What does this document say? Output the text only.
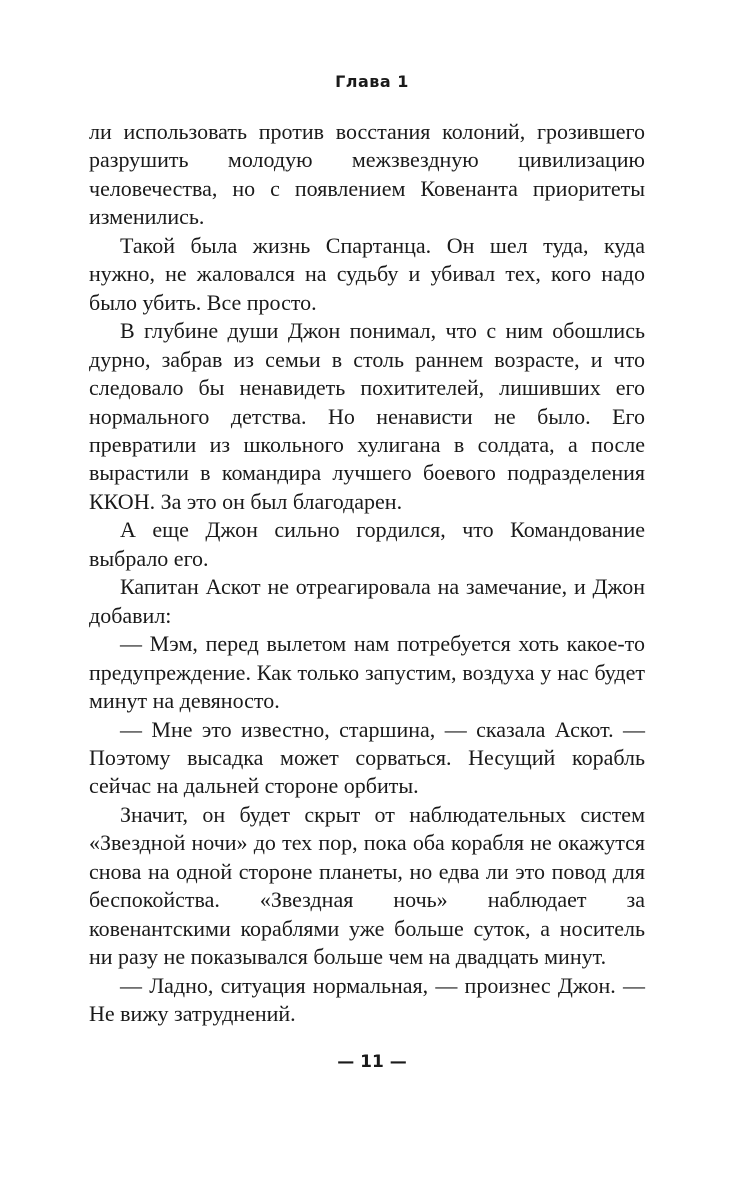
Глава 1

ли использовать против восстания колоний, грозившего разрушить молодую межзвездную цивилизацию человечества, но с появлением Ковенанта приоритеты изменились.

Такой была жизнь Спартанца. Он шел туда, куда нужно, не жаловался на судьбу и убивал тех, кого надо было убить. Все просто.

В глубине души Джон понимал, что с ним обошлись дурно, забрав из семьи в столь раннем возрасте, и что следовало бы ненавидеть похитителей, лишивших его нормального детства. Но ненависти не было. Его превратили из школьного хулигана в солдата, а после вырастили в командира лучшего боевого подразделения ККОН. За это он был благодарен.

А еще Джон сильно гордился, что Командование выбрало его.

Капитан Аскот не отреагировала на замечание, и Джон добавил:

— Мэм, перед вылетом нам потребуется хоть какое-то предупреждение. Как только запустим, воздуха у нас будет минут на девяносто.

— Мне это известно, старшина, — сказала Аскот. — Поэтому высадка может сорваться. Несущий корабль сейчас на дальней стороне орбиты.

Значит, он будет скрыт от наблюдательных систем «Звездной ночи» до тех пор, пока оба корабля не окажутся снова на одной стороне планеты, но едва ли это повод для беспокойства. «Звездная ночь» наблюдает за ковенантскими кораблями уже больше суток, а носитель ни разу не показывался больше чем на двадцать минут.

— Ладно, ситуация нормальная, — произнес Джон. — Не вижу затруднений.

— 11 —
